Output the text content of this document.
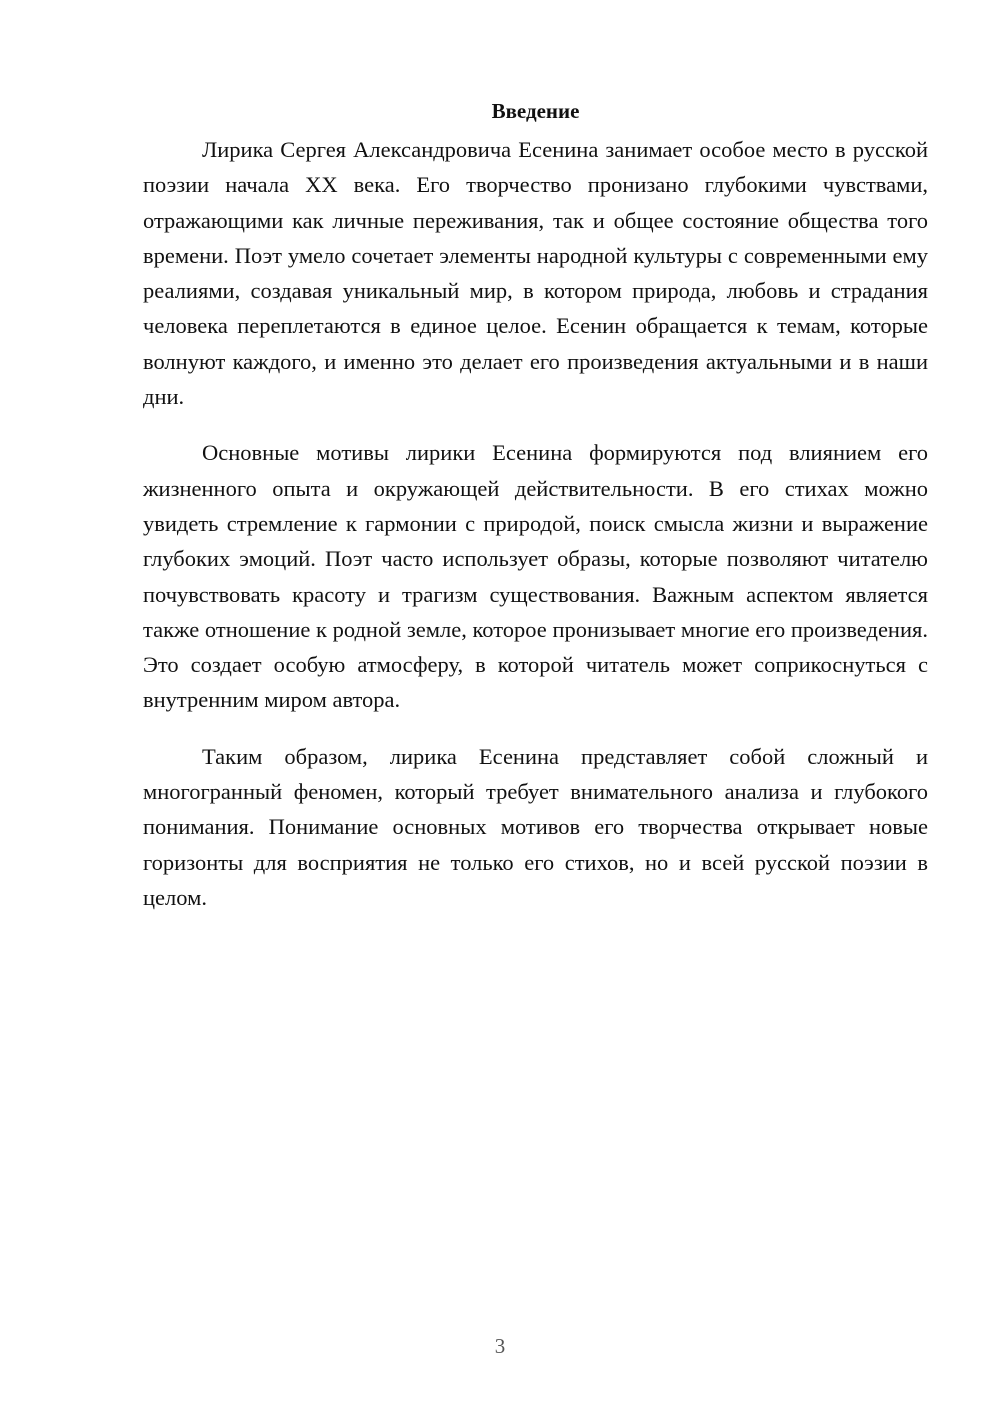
Введение

Лирика Сергея Александровича Есенина занимает особое место в русской поэзии начала XX века. Его творчество пронизано глубокими чувствами, отражающими как личные переживания, так и общее состояние общества того времени. Поэт умело сочетает элементы народной культуры с современными ему реалиями, создавая уникальный мир, в котором природа, любовь и страдания человека переплетаются в единое целое. Есенин обращается к темам, которые волнуют каждого, и именно это делает его произведения актуальными и в наши дни.

Основные мотивы лирики Есенина формируются под влиянием его жизненного опыта и окружающей действительности. В его стихах можно увидеть стремление к гармонии с природой, поиск смысла жизни и выражение глубоких эмоций. Поэт часто использует образы, которые позволяют читателю почувствовать красоту и трагизм существования. Важным аспектом является также отношение к родной земле, которое пронизывает многие его произведения. Это создает особую атмосферу, в которой читатель может соприкоснуться с внутренним миром автора.

Таким образом, лирика Есенина представляет собой сложный и многогранный феномен, который требует внимательного анализа и глубокого понимания. Понимание основных мотивов его творчества открывает новые горизонты для восприятия не только его стихов, но и всей русской поэзии в целом.

3
